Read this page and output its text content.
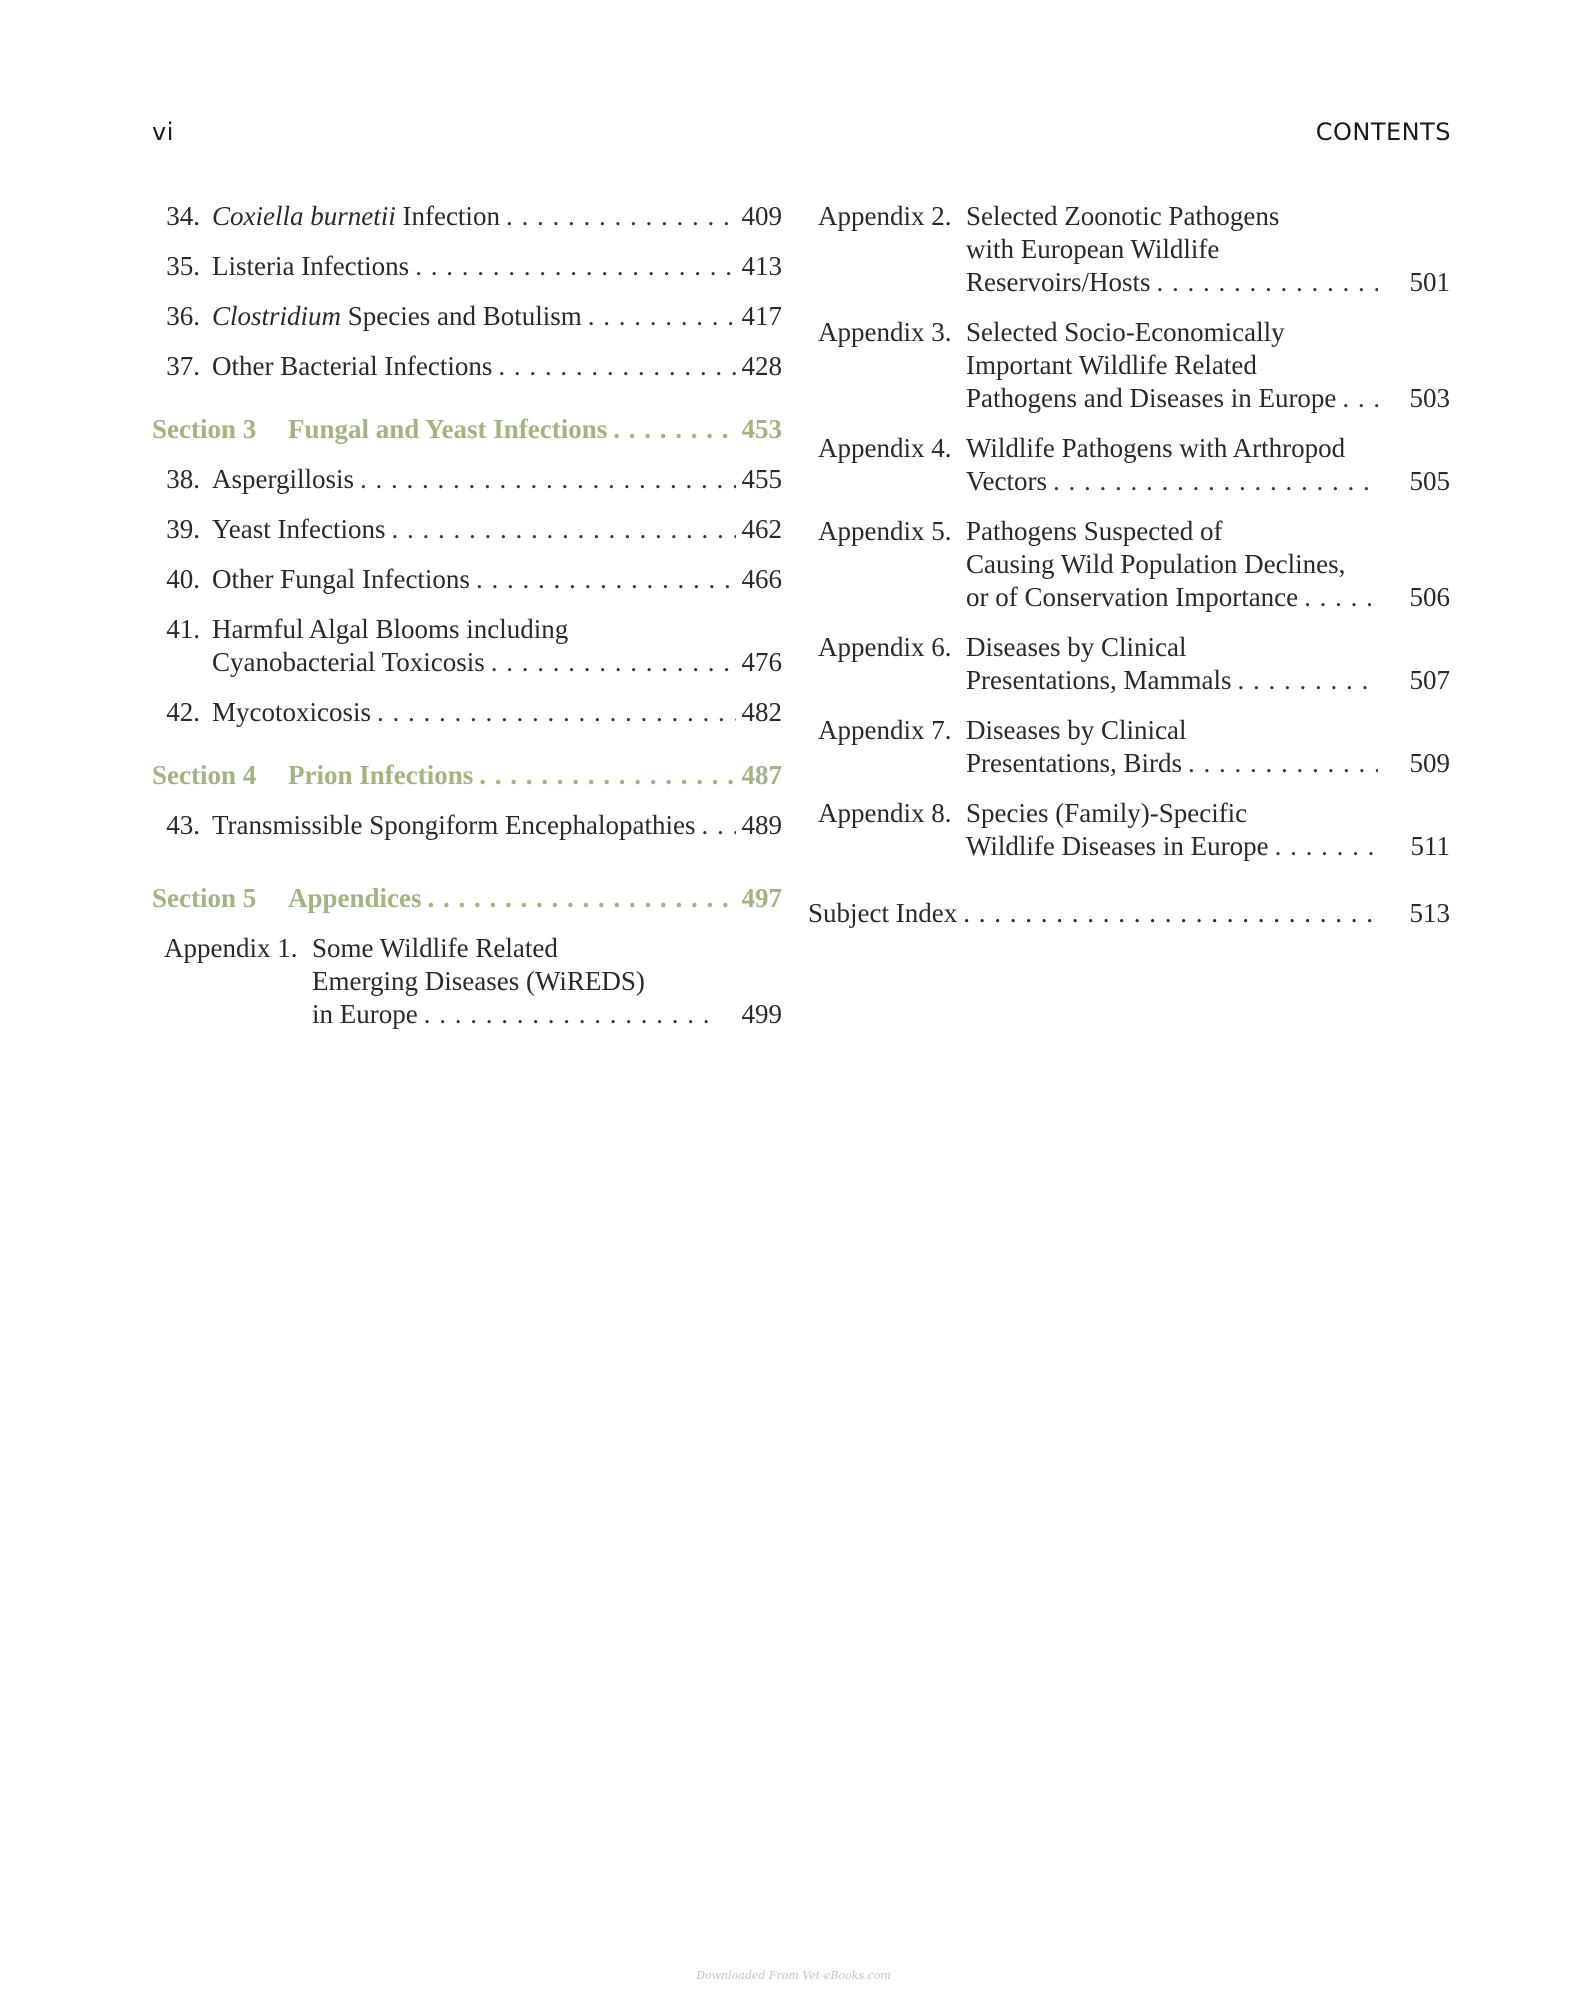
vi	CONTENTS
34. Coxiella burnetii Infection . . .	409
35. Listeria Infections . . .	413
36. Clostridium Species and Botulism . . .	417
37. Other Bacterial Infections . . .	428
Section 3	Fungal and Yeast Infections . . .	453
38. Aspergillosis . . .	455
39. Yeast Infections . . .	462
40. Other Fungal Infections . . .	466
41. Harmful Algal Blooms including
Cyanobacterial Toxicosis . . .	476
42. Mycotoxicosis . . .	482
Section 4	Prion Infections . . .	487
43. Transmissible Spongiform Encephalopathies . . . 489
Section 5	Appendices . . .	497
Appendix 1. Some Wildlife Related
Emerging Diseases (WiREDS)
in Europe . . .	499
Appendix 2. Selected Zoonotic Pathogens
with European Wildlife
Reservoirs/Hosts . . .	501
Appendix 3. Selected Socio-Economically
Important Wildlife Related
Pathogens and Diseases in Europe . . .	503
Appendix 4. Wildlife Pathogens with Arthropod
Vectors . . .	505
Appendix 5. Pathogens Suspected of
Causing Wild Population Declines,
or of Conservation Importance . . .	506
Appendix 6. Diseases by Clinical
Presentations, Mammals . . .	507
Appendix 7. Diseases by Clinical
Presentations, Birds . . .	509
Appendix 8. Species (Family)-Specific
Wildlife Diseases in Europe . . .	511
Subject Index . . .	513
Downloaded From Vet-eBooks.com
